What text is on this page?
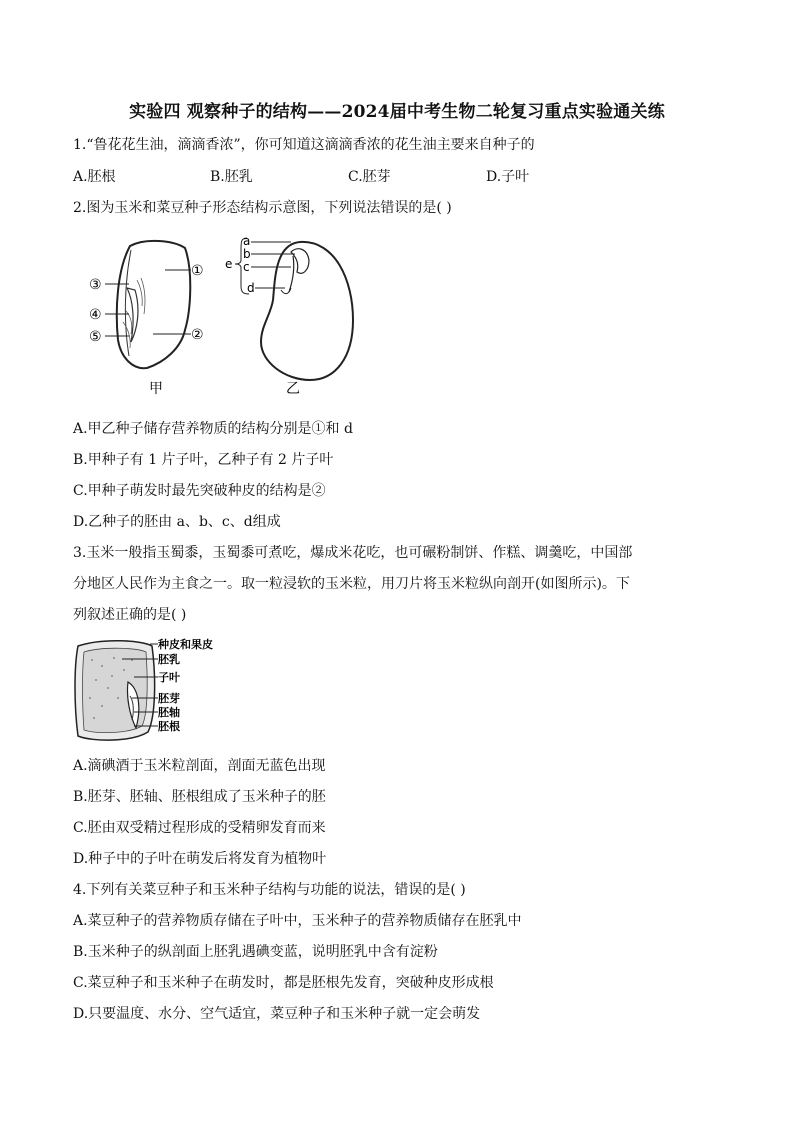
实验四 观察种子的结构——2024届中考生物二轮复习重点实验通关练
1.“鲁花花生油，滴滴香浓”，你可知道这滴滴香浓的花生油主要来自种子的
A.胚根	B.胚乳	C.胚芽	D.子叶
2.图为玉米和菜豆种子形态结构示意图，下列说法错误的是( )
①
②
③
④
⑤
甲
a
b
c
d
e
乙
A.甲乙种子储存营养物质的结构分别是①和 d
B.甲种子有 1 片子叶，乙种子有 2 片子叶
C.甲种子萌发时最先突破种皮的结构是②
D.乙种子的胚由 a、b、c、d组成
3.玉米一般指玉蜀黍，玉蜀黍可煮吃，爆成米花吃，也可碾粉制饼、作糕、调羹吃，中国部
分地区人民作为主食之一。取一粒浸软的玉米粒，用刀片将玉米粒纵向剖开(如图所示)。下
列叙述正确的是( )
种皮和果皮
胚乳
子叶
胚芽
胚轴
胚根
A.滴碘酒于玉米粒剖面，剖面无蓝色出现
B.胚芽、胚轴、胚根组成了玉米种子的胚
C.胚由双受精过程形成的受精卵发育而来
D.种子中的子叶在萌发后将发育为植物叶
4.下列有关菜豆种子和玉米种子结构与功能的说法，错误的是( )
A.菜豆种子的营养物质存储在子叶中，玉米种子的营养物质储存在胚乳中
B.玉米种子的纵剖面上胚乳遇碘变蓝，说明胚乳中含有淀粉
C.菜豆种子和玉米种子在萌发时，都是胚根先发育，突破种皮形成根
D.只要温度、水分、空气适宜，菜豆种子和玉米种子就一定会萌发
